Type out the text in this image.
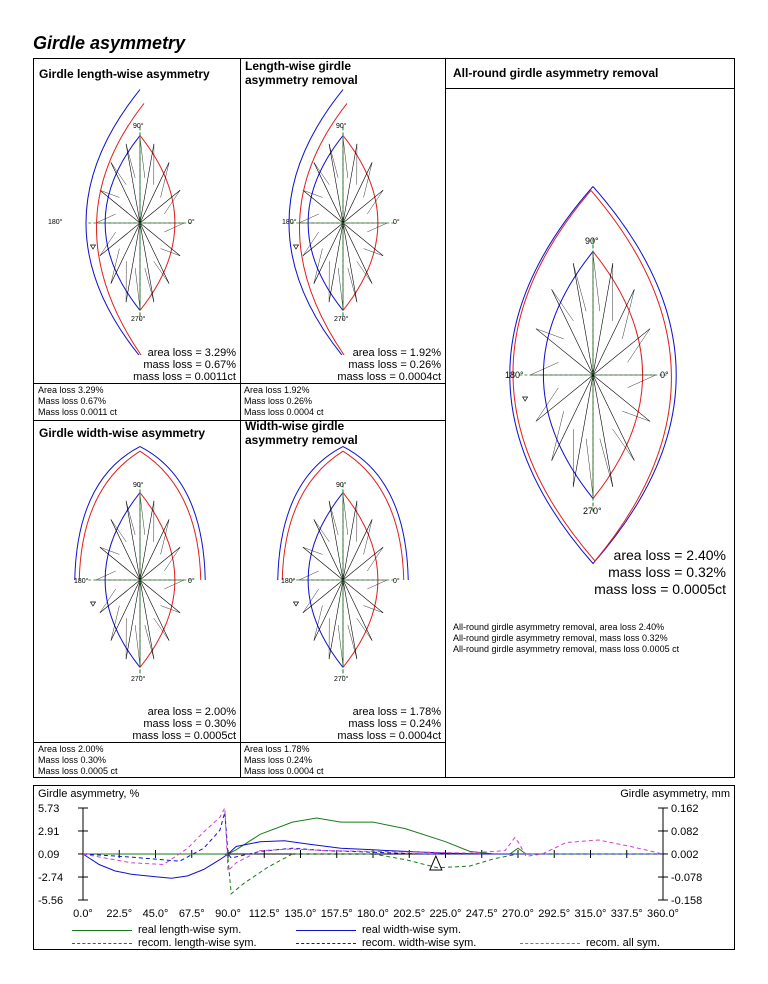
Girdle asymmetry
Girdle length-wise asymmetry
Length-wise girdle asymmetry removal
Girdle width-wise asymmetry	Width-wise girdle asymmetry removal
All-round girdle asymmetry removal
90°
180°	0°
270°
90°
180°	0°
270°
90°
180°	0°
270°
90°
180°	0°
270°
90°
180°	0°
270°
area loss = 3.29%
mass loss = 0.67%
mass loss = 0.0011ct
Area loss 3.29%
Mass loss 0.67%
Mass loss 0.0011 ct
area loss = 1.92%
mass loss = 0.26%
mass loss = 0.0004ct
Area loss 1.92%
Mass loss 0.26%
Mass loss 0.0004 ct
area loss = 2.00%
mass loss = 0.30%
mass loss = 0.0005ct
Area loss 2.00%
Mass loss 0.30%
Mass loss 0.0005 ct
area loss = 1.78%
mass loss = 0.24%
mass loss = 0.0004ct
Area loss 1.78%
Mass loss 0.24%
Mass loss 0.0004 ct
area loss = 2.40%
mass loss = 0.32%
mass loss = 0.0005ct
All-round girdle asymmetry removal, area loss 2.40%
All-round girdle asymmetry removal, mass loss 0.32%
All-round girdle asymmetry removal, mass loss 0.0005 ct
Girdle asymmetry, %	Girdle asymmetry, mm
5.73	0.162
2.91	0.082
0.09	0.002
-2.74	-0.078
-5.56	-0.158
0.0° 22.5° 45.0° 67.5° 90.0° 112.5° 135.0° 157.5° 180.0° 202.5° 225.0° 247.5° 270.0° 292.5° 315.0° 337.5° 360.0°
real length-wise sym.	real width-wise sym.
recom. length-wise sym.	recom. width-wise sym.	recom. all sym.
